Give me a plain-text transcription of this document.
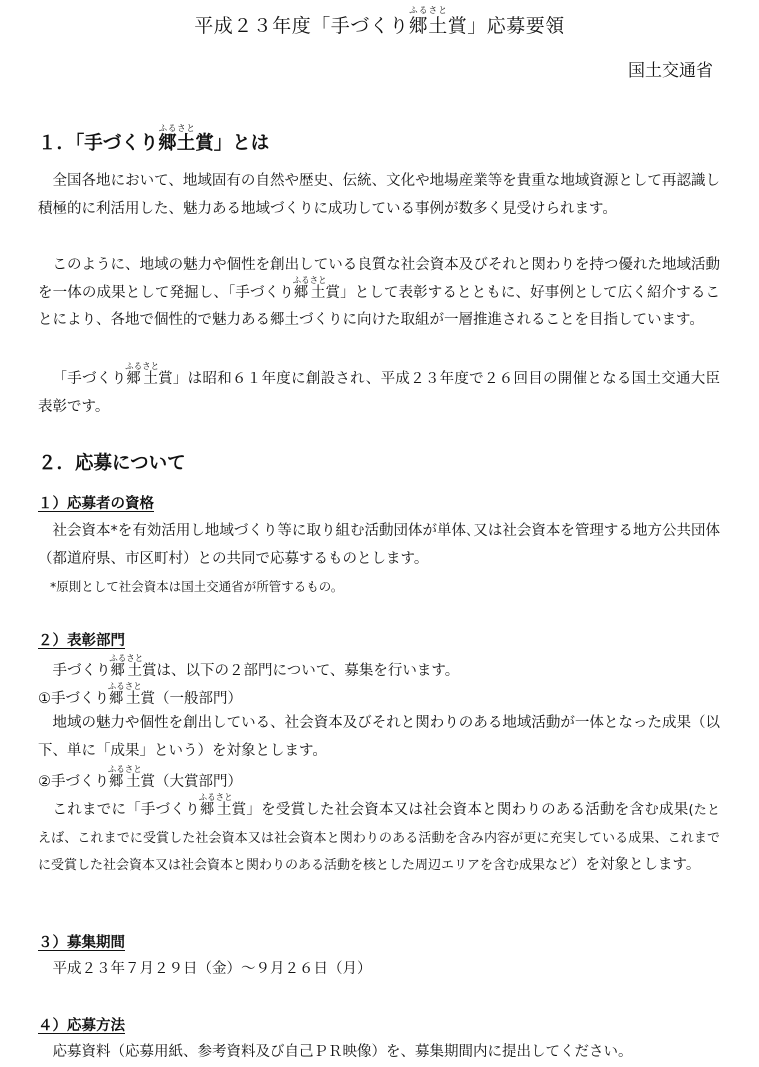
平成２３年度「手づくり郷土ふるさと賞」応募要領
国土交通省
１．「手づくり郷土ふるさと賞」とは
全国各地において、地域固有の自然や歴史、伝統、文化や地場産業等を貴重な地域資源として再認識し積極的に利活用した、魅力ある地域づくりに成功している事例が数多く見受けられます。
このように、地域の魅力や個性を創出している良質な社会資本及びそれと関わりを持つ優れた地域活動を一体の成果として発掘し、「手づくり郷土ふるさと賞」として表彰するとともに、好事例として広く紹介することにより、各地で個性的で魅力ある郷土づくりに向けた取組が一層推進されることを目指しています。
「手づくり郷土ふるさと賞」は昭和６１年度に創設され、平成２３年度で２６回目の開催となる国土交通大臣表彰です。
２．応募について
１）応募者の資格
社会資本*を有効活用し地域づくり等に取り組む活動団体が単体､又は社会資本を管理する地方公共団体（都道府県、市区町村）との共同で応募するものとします。
*原則として社会資本は国土交通省が所管するもの。
２）表彰部門
手づくり郷土ふるさと賞は、以下の２部門について、募集を行います。
①手づくり郷土ふるさと賞（一般部門）
地域の魅力や個性を創出している、社会資本及びそれと関わりのある地域活動が一体となった成果（以下、単に「成果」という）を対象とします。
②手づくり郷土ふるさと賞（大賞部門）
これまでに「手づくり郷土ふるさと賞」を受賞した社会資本又は社会資本と関わりのある活動を含む成果(たとえば、これまでに受賞した社会資本又は社会資本と関わりのある活動を含み内容が更に充実している成果、これまでに受賞した社会資本又は社会資本と関わりのある活動を核とした周辺エリアを含む成果など）を対象とします。
３）募集期間
平成２３年７月２９日（金）～９月２６日（月）
４）応募方法
応募資料（応募用紙、参考資料及び自己ＰＲ映像）を、募集期間内に提出してください。
